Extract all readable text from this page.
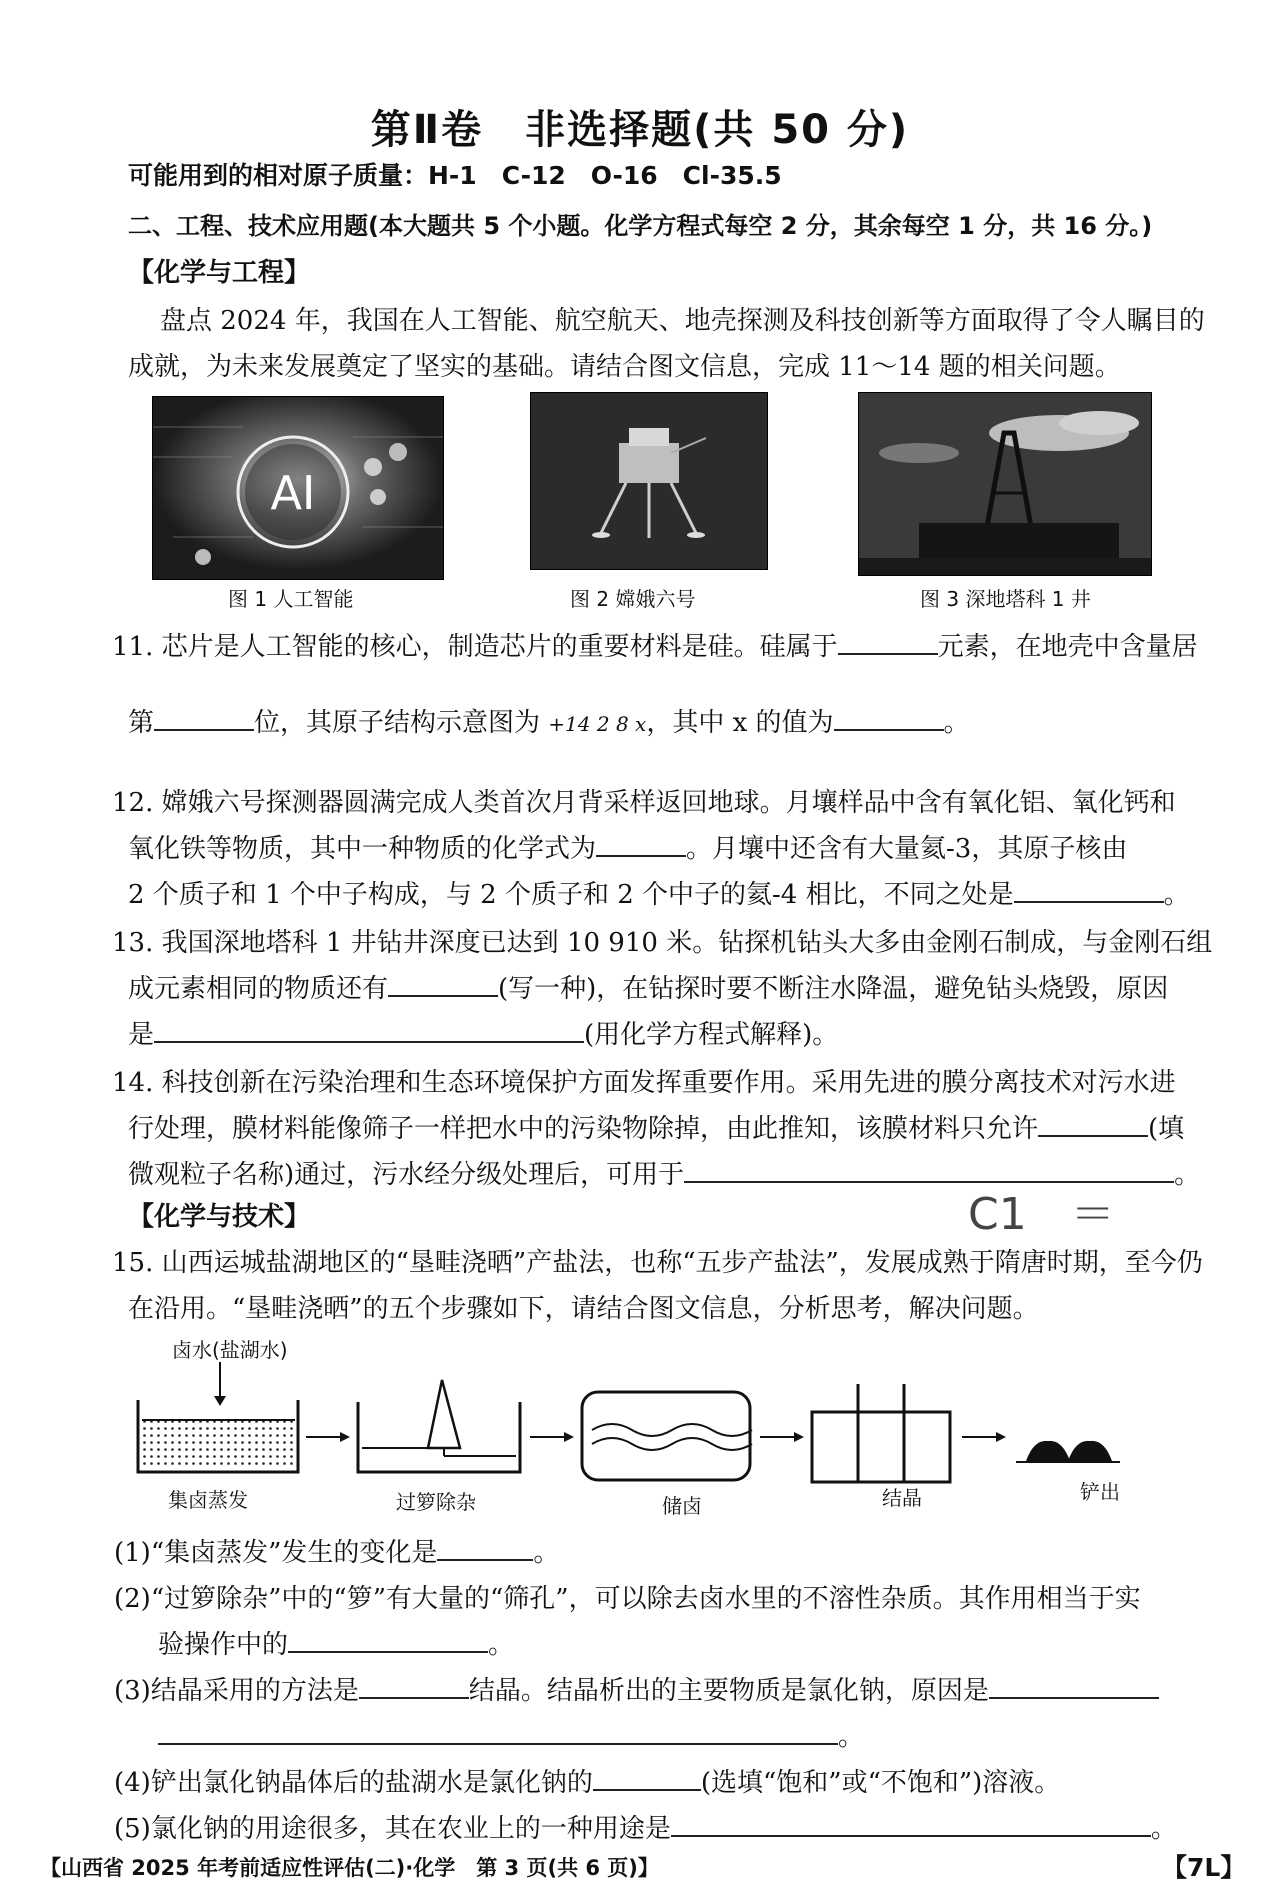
第Ⅱ卷　非选择题(共 50 分)
可能用到的相对原子质量：H-1　C-12　O-16　Cl-35.5
二、工程、技术应用题(本大题共 5 个小题。化学方程式每空 2 分，其余每空 1 分，共 16 分。)
【化学与工程】
盘点 2024 年，我国在人工智能、航空航天、地壳探测及科技创新等方面取得了令人瞩目的
成就，为未来发展奠定了坚实的基础。请结合图文信息，完成 11～14 题的相关问题。
AI
图 1 人工智能	图 2 嫦娥六号	图 3 深地塔科 1 井
11. 芯片是人工智能的核心，制造芯片的重要材料是硅。硅属于	元素，在地壳中含量居
第	位，其原子结构示意图为 +14 2 8 x，其中 x 的值为	。
12. 嫦娥六号探测器圆满完成人类首次月背采样返回地球。月壤样品中含有氧化铝、氧化钙和
氧化铁等物质，其中一种物质的化学式为	。月壤中还含有大量氦-3，其原子核由
2 个质子和 1 个中子构成，与 2 个质子和 2 个中子的氦-4 相比，不同之处是	。
13. 我国深地塔科 1 井钻井深度已达到 10 910 米。钻探机钻头大多由金刚石制成，与金刚石组
成元素相同的物质还有	(写一种)，在钻探时要不断注水降温，避免钻头烧毁，原因
是	(用化学方程式解释)。
14. 科技创新在污染治理和生态环境保护方面发挥重要作用。采用先进的膜分离技术对污水进
行处理，膜材料能像筛子一样把水中的污染物除掉，由此推知，该膜材料只允许	(填
微观粒子名称)通过，污水经分级处理后，可用于	。
【化学与技术】	C1　＝
15. 山西运城盐湖地区的“垦畦浇晒”产盐法，也称“五步产盐法”，发展成熟于隋唐时期，至今仍
在沿用。“垦畦浇晒”的五个步骤如下，请结合图文信息，分析思考，解决问题。
卤水(盐湖水)
集卤蒸发	过箩除杂	储卤	结晶	铲出
(1)“集卤蒸发”发生的变化是	。
(2)“过箩除杂”中的“箩”有大量的“筛孔”，可以除去卤水里的不溶性杂质。其作用相当于实
验操作中的	。
(3)结晶采用的方法是	结晶。结晶析出的主要物质是氯化钠，原因是
。
(4)铲出氯化钠晶体后的盐湖水是氯化钠的	(选填“饱和”或“不饱和”)溶液。
(5)氯化钠的用途很多，其在农业上的一种用途是	。
【山西省 2025 年考前适应性评估(二)·化学　第 3 页(共 6 页)】	【7L】
